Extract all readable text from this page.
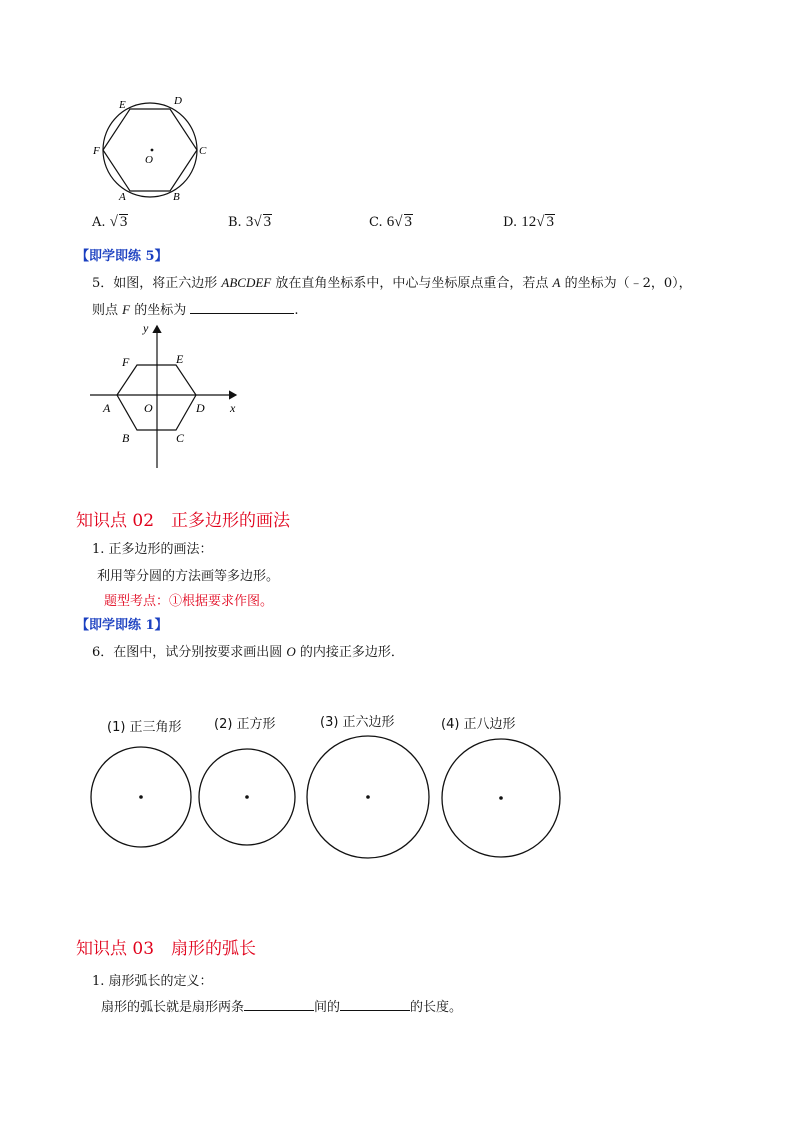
E	D
F	C
A	B
O
A. √ 3	B. 3√ 3	C. 6√ 3	D. 12√ 3
【即学即练 5】
5．如图，将正六边形 ABCDEF 放在直角坐标系中，中心与坐标原点重合，若点 A 的坐标为（﹣2，0），
则点 F 的坐标为	.
y
x
F	E
A	O	D
B	C
知识点 02　正多边形的画法
1. 正多边形的画法：
利用等分圆的方法画等多边形。
题型考点：①根据要求作图。
【即学即练 1】
6．在图中，试分别按要求画出圆 O 的内接正多边形．
(1) 正三角形 (2) 正方形	(3) 正六边形	(4) 正八边形
知识点 03　扇形的弧长
1. 扇形弧长的定义：
扇形的弧长就是扇形两条	间的	的长度。
